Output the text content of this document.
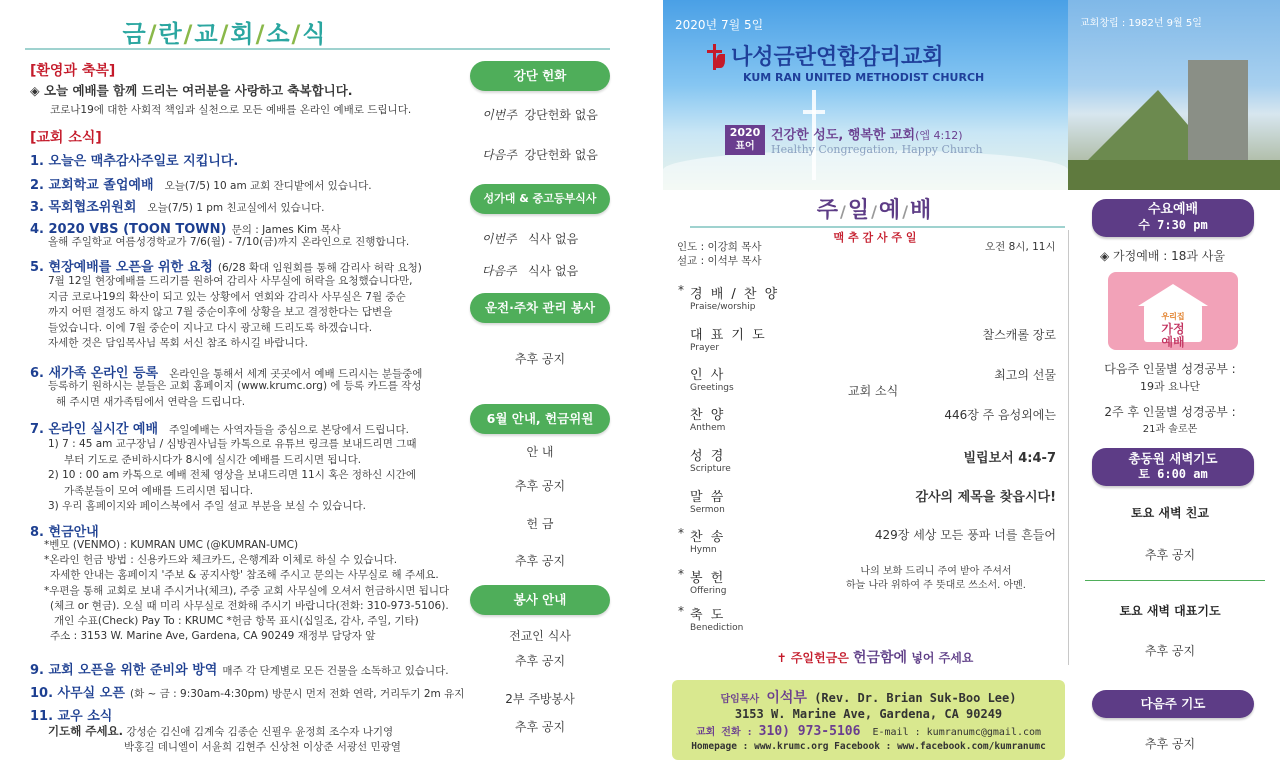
금/란/교/회/소/식
[환영과 축복]
◈ 오늘 예배를 함께 드리는 여러분을 사랑하고 축복합니다.
코로나19에 대한 사회적 책임과 실천으로 모든 예배를 온라인 예배로 드립니다.
[교회 소식]
1. 오늘은 맥추감사주일로 지킵니다.
2. 교회학교 졸업예배 오늘(7/5) 10 am 교회 잔디밭에서 있습니다.
3. 목회협조위원회 오늘(7/5) 1 pm 친교실에서 있습니다.
4. 2020 VBS (TOON TOWN) 문의 : James Kim 목사
올해 주일학교 여름성경학교가 7/6(월) - 7/10(금)까지 온라인으로 진행합니다.
5. 현장예배를 오픈을 위한 요청 (6/28 확대 임원회를 통해 감리사 허락 요청)
7월 12일 현장예배를 드리기를 원하여 감리사 사무실에 허락을 요청했습니다만,
지금 코로나19의 확산이 되고 있는 상황에서 연회와 감리사 사무실은 7월 중순
까지 어떤 결정도 하지 않고 7월 중순이후에 상황을 보고 결정한다는 답변을
들었습니다. 이에 7월 중순이 지나고 다시 광고해 드리도록 하겠습니다.
자세한 것은 담임목사님 목회 서신 참조 하시길 바랍니다.
6. 새가족 온라인 등록 온라인을 통해서 세계 곳곳에서 예배 드리시는 분들중에
등록하기 원하시는 분들은 교회 홈페이지 (www.krumc.org) 에 등록 카드를 작성
해 주시면 새가족팀에서 연락을 드립니다.
7. 온라인 실시간 예배 주일예배는 사역자들을 중심으로 본당에서 드립니다.
1) 7 : 45 am 교구장님 / 심방권사님들 카톡으로 유튜브 링크를 보내드리면 그때
부터 기도로 준비하시다가 8시에 실시간 예배를 드리시면 됩니다.
2) 10 : 00 am 카톡으로 예배 전체 영상을 보내드리면 11시 혹은 정하신 시간에
가족분들이 모여 예배를 드리시면 됩니다.
3) 우리 홈페이지와 페이스북에서 주일 설교 부분을 보실 수 있습니다.
8. 현금안내
*벤모 (VENMO) : KUMRAN UMC (@KUMRAN-UMC)
*온라인 헌금 방법 : 신용카드와 체크카드, 은행계좌 이체로 하실 수 있습니다.
자세한 안내는 홈페이지 '주보 & 공지사항' 참조해 주시고 문의는 사무실로 해 주세요.
*우편을 통해 교회로 보내 주시거나(체크), 주중 교회 사무실에 오셔서 헌금하시면 됩니다
(체크 or 현금). 오실 때 미리 사무실로 전화해 주시기 바랍니다(전화: 310-973-5106).
개인 수표(Check) Pay To : KRUMC *헌금 항목 표시(십일조, 감사, 주일, 기타)
주소 : 3153 W. Marine Ave, Gardena, CA 90249 재정부 담당자 앞
9. 교회 오픈을 위한 준비와 방역 매주 각 단계별로 모든 건물을 소독하고 있습니다.
10. 사무실 오픈 (화 ~ 금 : 9:30am-4:30pm) 방문시 먼저 전화 연락, 거리두기 2m 유지
11. 교우 소식
기도해 주세요. 강성순 김신애 김계숙 김종순 신필우 윤정희 조수자 나기영
박홍길 데니엘이 서윤희 김현주 신상천 이상준 서광선 민광열
강단 헌화
이번주 강단헌화 없음
다음주 강단헌화 없음
성가대 & 중고등부식사
이번주 식사 없음
다음주 식사 없음
운전·주차 관리 봉사
추후 공지
6월 안내, 헌금위원
안 내
추후 공지
헌 금
추후 공지
봉사 안내
전교인 식사
추후 공지
2부 주방봉사
추후 공지
2020년 7월 5일
나성금란연합감리교회
KUM RAN UNITED METHODIST CHURCH
2020
표어
건강한 성도, 행복한 교회(엡 4:12)
Healthy Congregation, Happy Church
교회창립 : 1982년 9월 5일
주/일/예/배
맥 추 감 사 주 일
인도 : 이강희 목사
설교 : 이석부 목사
오전 8시, 11시
* 경 배 / 찬 양
Praise/worship
대 표 기 도
Prayer
찰스캐롤 장로
인 사
Greetings
최고의 선물
교회 소식
찬 양
Anthem
446장 주 음성외에는
성 경
Scripture
빌립보서 4:4-7
말 씀
Sermon
감사의 제목을 찾읍시다!
* 찬 송
Hymn
429장 세상 모든 풍파 너를 흔들어
* 봉 헌
Offering
나의 보화 드리니 주여 받아 주셔서
하늘 나라 위하여 주 뜻대로 쓰소서. 아멘.
* 축 도
Benediction
✝ 주일헌금은 헌금함에 넣어 주세요
담임목사 이석부 (Rev. Dr. Brian Suk-Boo Lee)
3153 W. Marine Ave, Gardena, CA 90249
교회 전화 : 310) 973-5106 E-mail : kumranumc@gmail.com
Homepage : www.krumc.org Facebook : www.facebook.com/kumranumc
수요예배
수 7:30 pm
◈ 가정예배 : 18과 사울
우리집
가정
예배
다음주 인물별 성경공부 :
19과 요나단
2주 후 인물별 성경공부 :
21과 솔로몬
총동원 새벽기도
토 6:00 am
토요 새벽 친교
추후 공지
토요 새벽 대표기도
추후 공지
다음주 기도
추후 공지
